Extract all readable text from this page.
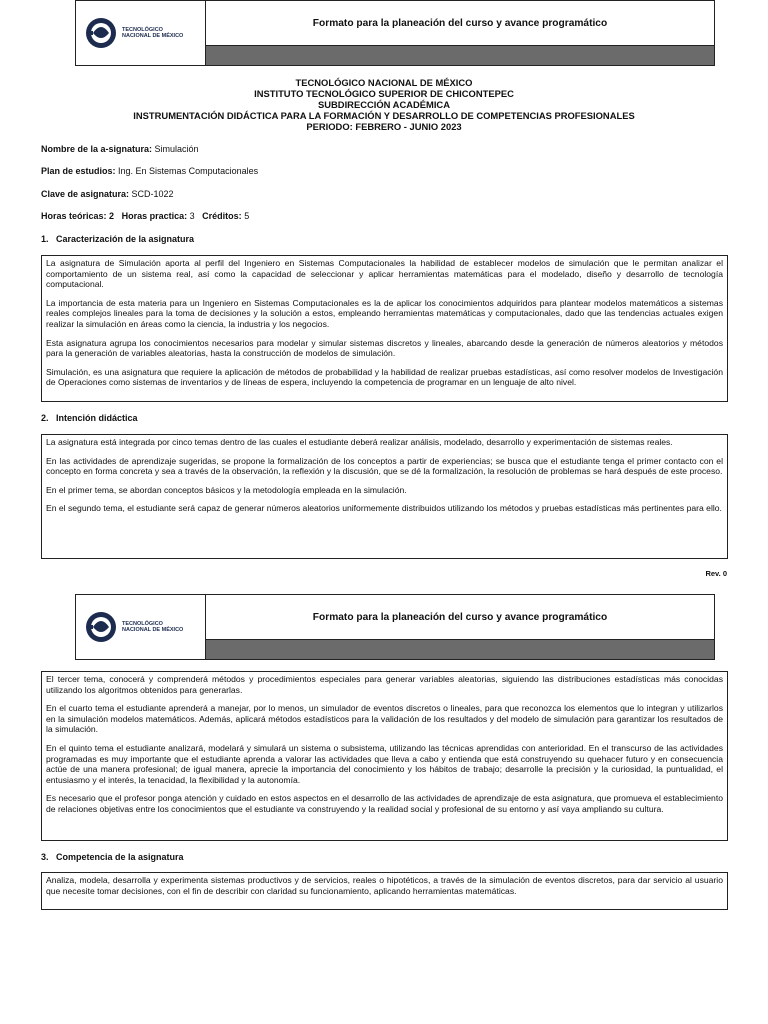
TECNOLÓGICO
NACIONAL DE MÉXICO
Formato para la planeación del curso y avance programático
TECNOLÓGICO NACIONAL DE MÉXICO
INSTITUTO TECNOLÓGICO SUPERIOR DE CHICONTEPEC
SUBDIRECCIÓN ACADÉMICA
INSTRUMENTACIÓN DIDÁCTICA PARA LA FORMACIÓN Y DESARROLLO DE COMPETENCIAS PROFESIONALES
PERIODO: FEBRERO - JUNIO 2023
Nombre de la a-signatura: Simulación
Plan de estudios: Ing. En Sistemas Computacionales
Clave de asignatura: SCD-1022
Horas teóricas: 2 Horas practica: 3 Créditos: 5
1.   Caracterización de la asignatura

La asignatura de Simulación aporta al perfil del Ingeniero en Sistemas Computacionales la habilidad de establecer modelos de simulación que le permitan analizar el comportamiento de un sistema real, así como la capacidad de seleccionar y aplicar herramientas matemáticas para el modelado, diseño y desarrollo de tecnología computacional.

La importancia de esta materia para un Ingeniero en Sistemas Computacionales es la de aplicar los conocimientos adquiridos para plantear modelos matemáticos a sistemas reales complejos lineales para la toma de decisiones y la solución a estos, empleando herramientas matemáticas y computacionales, dado que las tendencias actuales exigen realizar la simulación en áreas como la ciencia, la industria y los negocios.

Esta asignatura agrupa los conocimientos necesarios para modelar y simular sistemas discretos y lineales, abarcando desde la generación de números aleatorios y métodos para la generación de variables aleatorias, hasta la construcción de modelos de simulación.

Simulación, es una asignatura que requiere la aplicación de métodos de probabilidad y la habilidad de realizar pruebas estadísticas, así como resolver modelos de Investigación de Operaciones como sistemas de inventarios y de líneas de espera, incluyendo la competencia de programar en un lenguaje de alto nivel.

2.   Intención didáctica

La asignatura está integrada por cinco temas dentro de las cuales el estudiante deberá realizar análisis, modelado, desarrollo y experimentación de sistemas reales.

En las actividades de aprendizaje sugeridas, se propone la formalización de los conceptos a partir de experiencias; se busca que el estudiante tenga el primer contacto con el concepto en forma concreta y sea a través de la observación, la reflexión y la discusión, que se dé la formalización, la resolución de problemas se hará después de este proceso.

En el primer tema, se abordan conceptos básicos y la metodología empleada en la simulación.

En el segundo tema, el estudiante será capaz de generar números aleatorios uniformemente distribuidos utilizando los métodos y pruebas estadísticas más pertinentes para ello.

Rev. 0
TECNOLÓGICO
NACIONAL DE MÉXICO
Formato para la planeación del curso y avance programático

El tercer tema, conocerá y comprenderá métodos y procedimientos especiales para generar variables aleatorias, siguiendo las distribuciones estadísticas más conocidas utilizando los algoritmos obtenidos para generarlas.

En el cuarto tema el estudiante aprenderá a manejar, por lo menos, un simulador de eventos discretos o lineales, para que reconozca los elementos que lo integran y utilizarlos en la simulación modelos matemáticos. Además, aplicará métodos estadísticos para la validación de los resultados y del modelo de simulación para garantizar los resultados de la simulación.

En el quinto tema el estudiante analizará, modelará y simulará un sistema o subsistema, utilizando las técnicas aprendidas con anterioridad. En el transcurso de las actividades programadas es muy importante que el estudiante aprenda a valorar las actividades que lleva a cabo y entienda que está construyendo su quehacer futuro y en consecuencia actúe de una manera profesional; de igual manera, aprecie la importancia del conocimiento y los hábitos de trabajo; desarrolle la precisión y la curiosidad, la puntualidad, el entusiasmo y el interés, la tenacidad, la flexibilidad y la autonomía.

Es necesario que el profesor ponga atención y cuidado en estos aspectos en el desarrollo de las actividades de aprendizaje de esta asignatura, que promueva el establecimiento de relaciones objetivas entre los conocimientos que el estudiante va construyendo y la realidad social y profesional de su entorno y así vaya ampliando su cultura.

3.   Competencia de la asignatura

Analiza, modela, desarrolla y experimenta sistemas productivos y de servicios, reales o hipotéticos, a través de la simulación de eventos discretos, para dar servicio al usuario que necesite tomar decisiones, con el fin de describir con claridad su funcionamiento, aplicando herramientas matemáticas.
